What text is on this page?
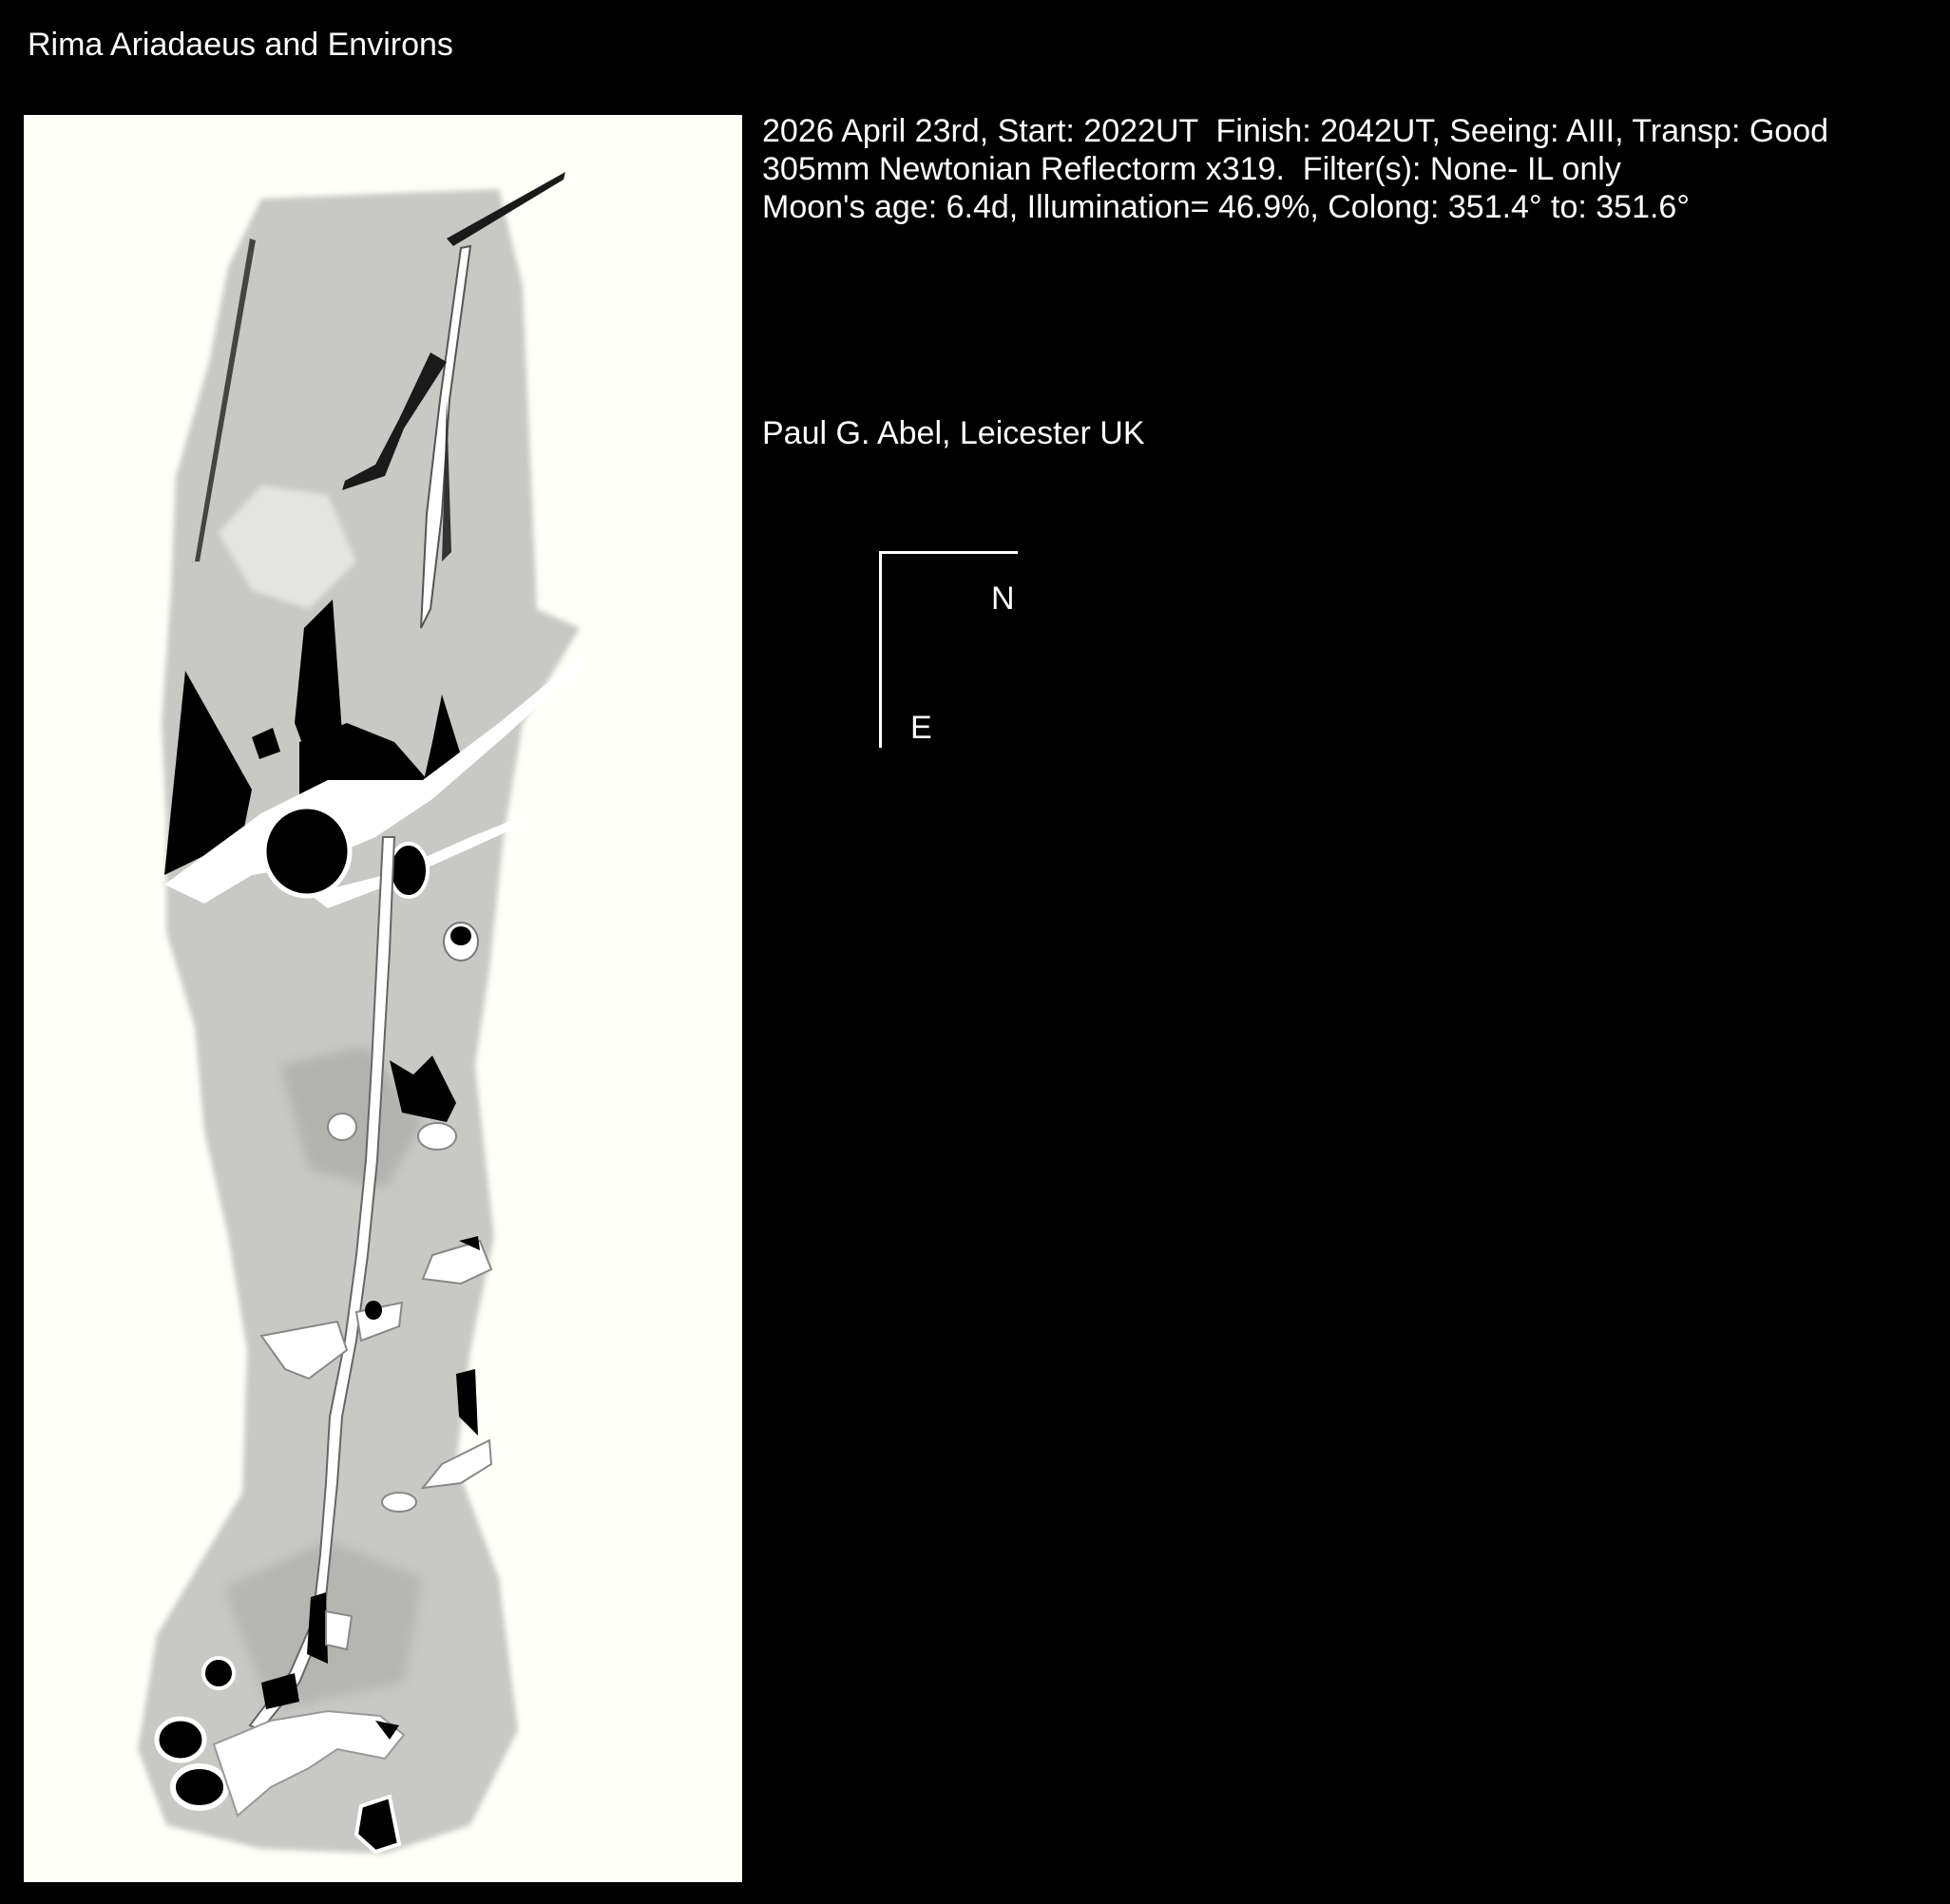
Rima Ariadaeus and Environs
2026 April 23rd, Start: 2022UT  Finish: 2042UT, Seeing: AIII, Transp: Good
305mm Newtonian Reflectorm x319.  Filter(s): None- IL only
Moon's age: 6.4d, Illumination= 46.9%, Colong: 351.4° to: 351.6°
Paul G. Abel, Leicester UK
N
E
